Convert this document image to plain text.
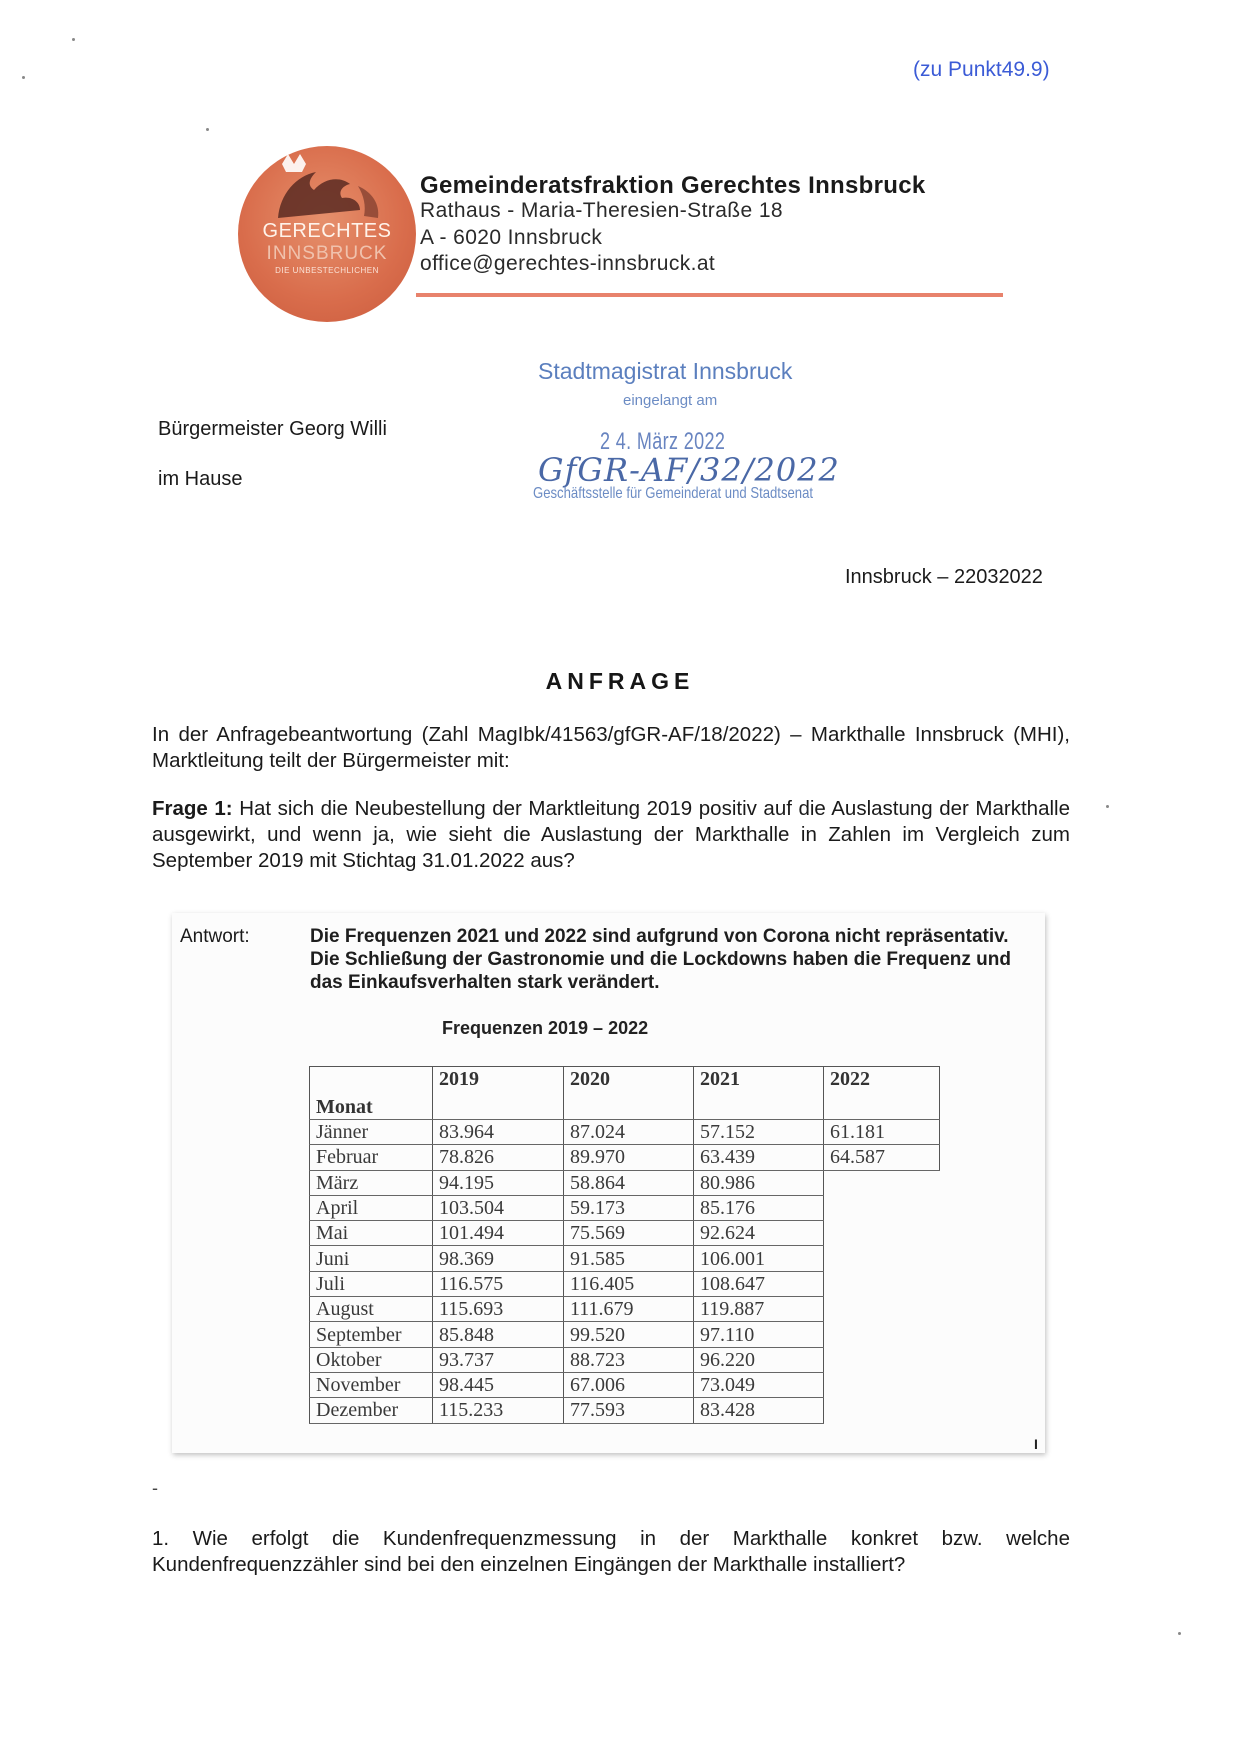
(zu Punkt49.9)
GERECHTES
INNSBRUCK
DIE UNBESTECHLICHEN
Gemeinderatsfraktion Gerechtes Innsbruck
Rathaus - Maria-Theresien-Straße 18
A - 6020 Innsbruck
office@gerechtes-innsbruck.at
Stadtmagistrat Innsbruck
eingelangt am
2 4. März 2022
GfGR-AF/32/2022
Geschäftsstelle für Gemeinderat und Stadtsenat
Bürgermeister Georg Willi
im Hause
Innsbruck – 22032022
ANFRAGE
In der Anfragebeantwortung (Zahl MagIbk/41563/gfGR-AF/18/2022) – Markthalle Innsbruck (MHI), Marktleitung teilt der Bürgermeister mit:
Frage 1: Hat sich die Neubestellung der Marktleitung 2019 positiv auf die Auslastung der Markthalle ausgewirkt, und wenn ja, wie sieht die Auslastung der Markthalle in Zahlen im Vergleich zum September 2019 mit Stichtag 31.01.2022 aus?
Antwort:	Die Frequenzen 2021 und 2022 sind aufgrund von Corona nicht repräsentativ. Die Schließung der Gastronomie und die Lockdowns haben die Frequenz und das Einkaufsverhalten stark verändert.
Frequenzen 2019 – 2022
Monat	2019	2020	2021	2022
Jänner	83.964	87.024	57.152	61.181
Februar	78.826	89.970	63.439	64.587
März	94.195	58.864	80.986	
April	103.504	59.173	85.176	
Mai	101.494	75.569	92.624	
Juni	98.369	91.585	106.001	
Juli	116.575	116.405	108.647	
August	115.693	111.679	119.887	
September	85.848	99.520	97.110	
Oktober	93.737	88.723	96.220	
November	98.445	67.006	73.049	
Dezember	115.233	77.593	83.428	
I
-
1. Wie erfolgt die Kundenfrequenzmessung in der Markthalle konkret bzw. welche Kundenfrequenzzähler sind bei den einzelnen Eingängen der Markthalle installiert?
